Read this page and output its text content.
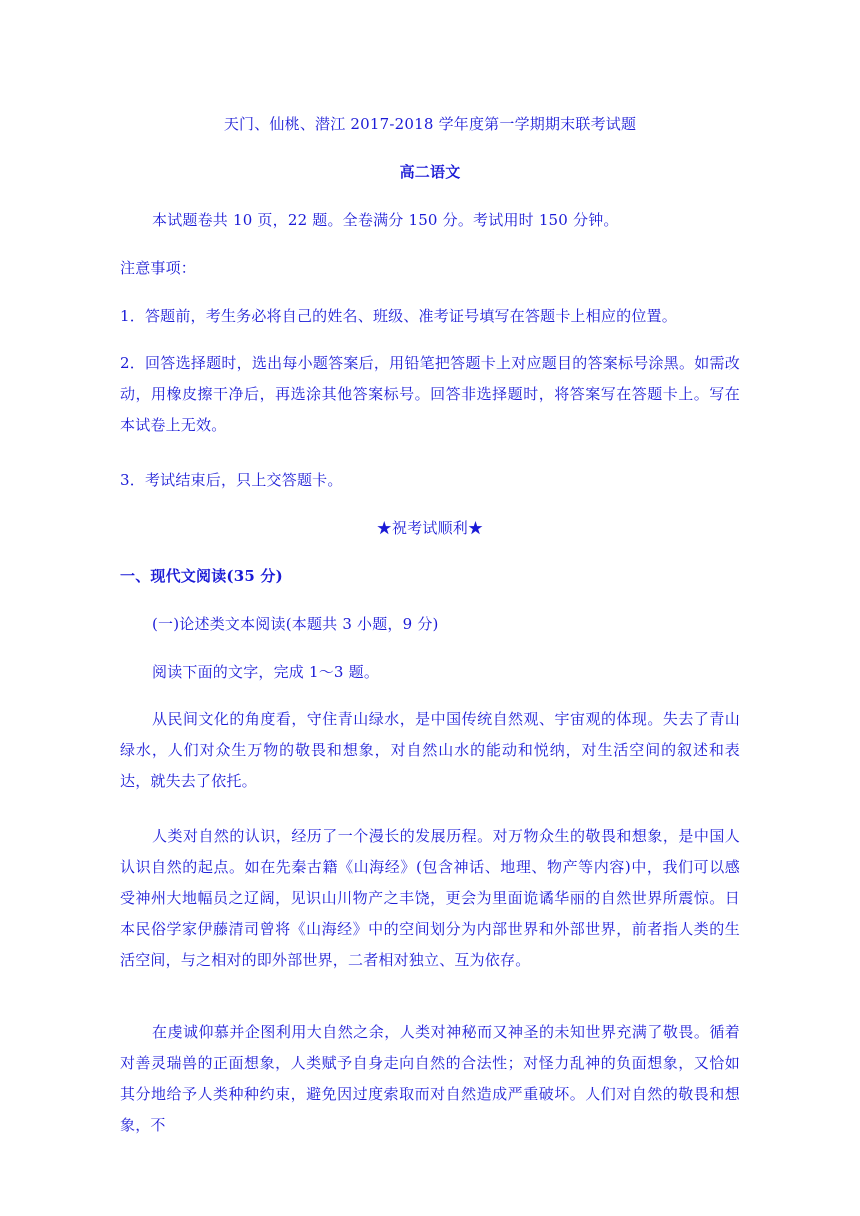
天门、仙桃、潜江 2017-2018 学年度第一学期期末联考试题
高二语文
本试题卷共 10 页，22 题。全卷满分 150 分。考试用时 150 分钟。
注意事项：
1．答题前，考生务必将自己的姓名、班级、准考证号填写在答题卡上相应的位置。
2．回答选择题时，选出每小题答案后，用铅笔把答题卡上对应题目的答案标号涂黑。如需改动，用橡皮擦干净后，再选涂其他答案标号。回答非选择题时，将答案写在答题卡上。写在本试卷上无效。
3．考试结束后，只上交答题卡。
★祝考试顺利★
一、现代文阅读(35 分)
(一)论述类文本阅读(本题共 3 小题，9 分)
阅读下面的文字，完成 1～3 题。
从民间文化的角度看，守住青山绿水，是中国传统自然观、宇宙观的体现。失去了青山绿水，人们对众生万物的敬畏和想象，对自然山水的能动和悦纳，对生活空间的叙述和表达，就失去了依托。
人类对自然的认识，经历了一个漫长的发展历程。对万物众生的敬畏和想象，是中国人认识自然的起点。如在先秦古籍《山海经》(包含神话、地理、物产等内容)中，我们可以感受神州大地幅员之辽阔，见识山川物产之丰饶，更会为里面诡谲华丽的自然世界所震惊。日本民俗学家伊藤清司曾将《山海经》中的空间划分为内部世界和外部世界，前者指人类的生活空间，与之相对的即外部世界，二者相对独立、互为依存。
在虔诚仰慕并企图利用大自然之余，人类对神秘而又神圣的未知世界充满了敬畏。循着对善灵瑞兽的正面想象，人类赋予自身走向自然的合法性；对怪力乱神的负面想象，又恰如其分地给予人类种种约束，避免因过度索取而对自然造成严重破坏。人们对自然的敬畏和想象，不
